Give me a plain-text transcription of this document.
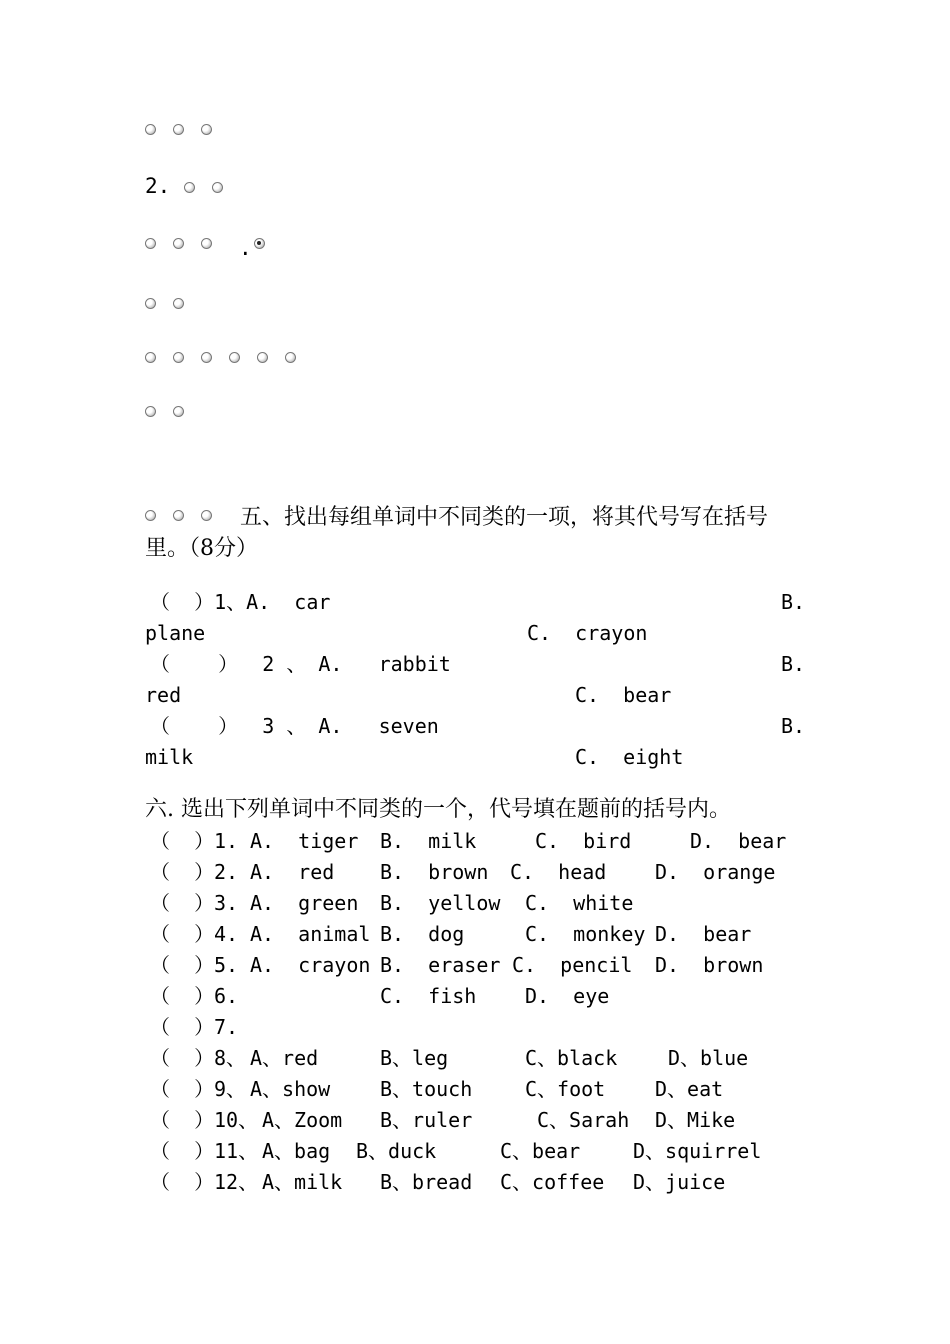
2.
.
五、找出每组单词中不同类的一项，将其代号写在括号
里。（8分）
（  ）1、A.  car	B.
plane	C.  crayon
（    ）  2 、 A.   rabbit	B.
red	C.  bear
（    ）  3 、 A.   seven	B.
milk	C.  eight
六. 选出下列单词中不同类的一个，代号填在题前的括号内。
（  ） 1. A.  tiger B.  milk	C.  bird	D.  bear
（  ） 2. A.  red B.  brown C.  head D.  orange
（  ） 3. A.  green B.  yellow C.  white
（  ） 4. A.  animal B.  dog	C.  monkey D.  bear
（  ） 5. A.  crayon B.  eraser C.  pencil D.  brown
（  ） 6.	C.  fish D.  eye
（  ） 7.
（  ） 8、 A、red	B、leg	C、black	D、blue
（  ） 9、 A、show B、touch	C、foot D、eat
（  ） 10、 A、Zoom B、ruler	C、Sarah D、Mike
（  ） 11、 A、bag B、duck	C、bear	D、squirrel
（  ） 12、 A、milk B、bread C、coffee D、juice
